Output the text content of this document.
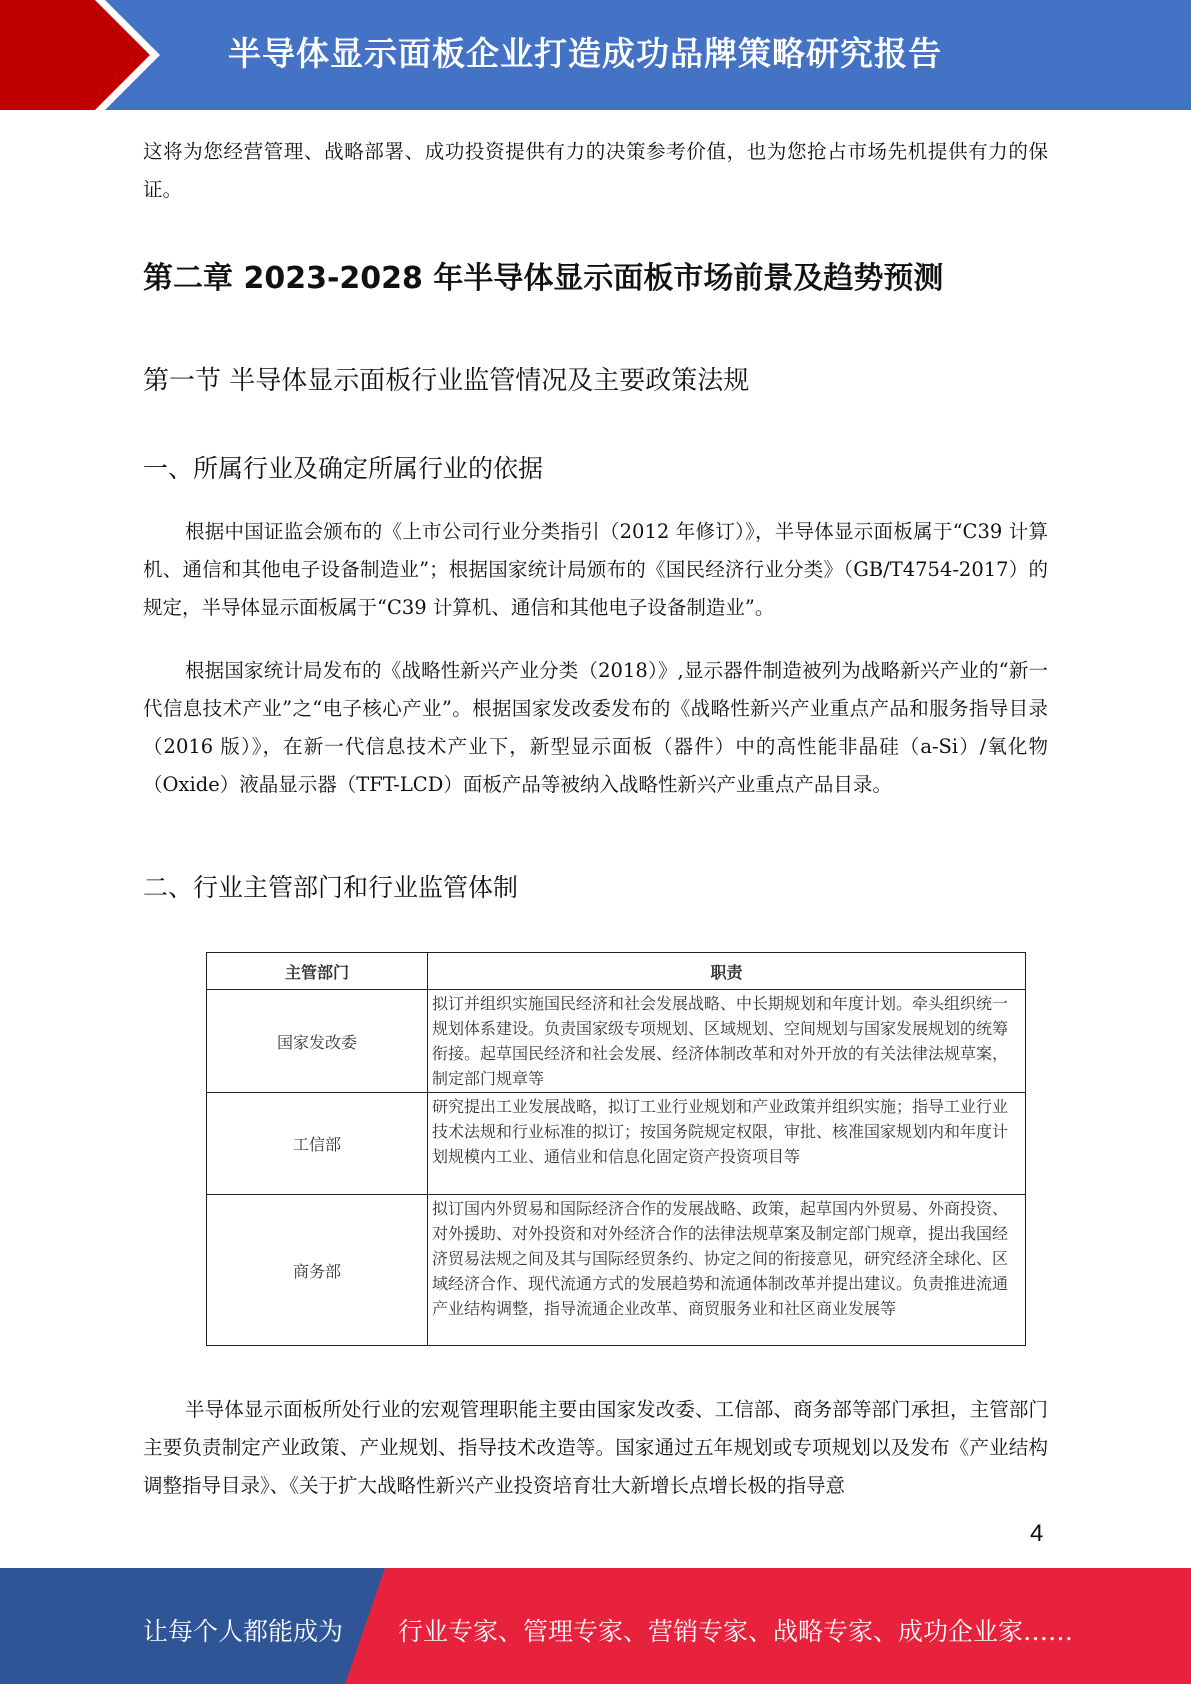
半导体显示面板企业打造成功品牌策略研究报告

这将为您经营管理、战略部署、成功投资提供有力的决策参考价值，也为您抢占市场先机提供有力的保证。

第二章 2023-2028 年半导体显示面板市场前景及趋势预测
第一节 半导体显示面板行业监管情况及主要政策法规
一、所属行业及确定所属行业的依据

根据中国证监会颁布的《上市公司行业分类指引（2012 年修订）》，半导体显示面板属于“C39 计算机、通信和其他电子设备制造业”；根据国家统计局颁布的《国民经济行业分类》（GB/T4754-2017）的规定，半导体显示面板属于“C39 计算机、通信和其他电子设备制造业”。

根据国家统计局发布的《战略性新兴产业分类（2018）》,显示器件制造被列为战略新兴产业的“新一代信息技术产业”之“电子核心产业”。根据国家发改委发布的《战略性新兴产业重点产品和服务指导目录（2016 版）》，在新一代信息技术产业下，新型显示面板（器件）中的高性能非晶硅（a-Si）/氧化物（Oxide）液晶显示器（TFT-LCD）面板产品等被纳入战略性新兴产业重点产品目录。

二、行业主管部门和行业监管体制
主管部门	职责
国家发改委	拟订并组织实施国民经济和社会发展战略、中长期规划和年度计划。牵头组织统一规划体系建设。负责国家级专项规划、区域规划、空间规划与国家发展规划的统筹衔接。起草国民经济和社会发展、经济体制改革和对外开放的有关法律法规草案，制定部门规章等
工信部	研究提出工业发展战略，拟订工业行业规划和产业政策并组织实施；指导工业行业技术法规和行业标准的拟订；按国务院规定权限，审批、核准国家规划内和年度计划规模内工业、通信业和信息化固定资产投资项目等
商务部	拟订国内外贸易和国际经济合作的发展战略、政策，起草国内外贸易、外商投资、对外援助、对外投资和对外经济合作的法律法规草案及制定部门规章，提出我国经济贸易法规之间及其与国际经贸条约、协定之间的衔接意见，研究经济全球化、区域经济合作、现代流通方式的发展趋势和流通体制改革并提出建议。负责推进流通产业结构调整，指导流通企业改革、商贸服务业和社区商业发展等

半导体显示面板所处行业的宏观管理职能主要由国家发改委、工信部、商务部等部门承担，主管部门主要负责制定产业政策、产业规划、指导技术改造等。国家通过五年规划或专项规划以及发布《产业结构调整指导目录》、《关于扩大战略性新兴产业投资培育壮大新增长点增长极的指导意

4
让每个人都能成为 行业专家、管理专家、营销专家、战略专家、成功企业家……
